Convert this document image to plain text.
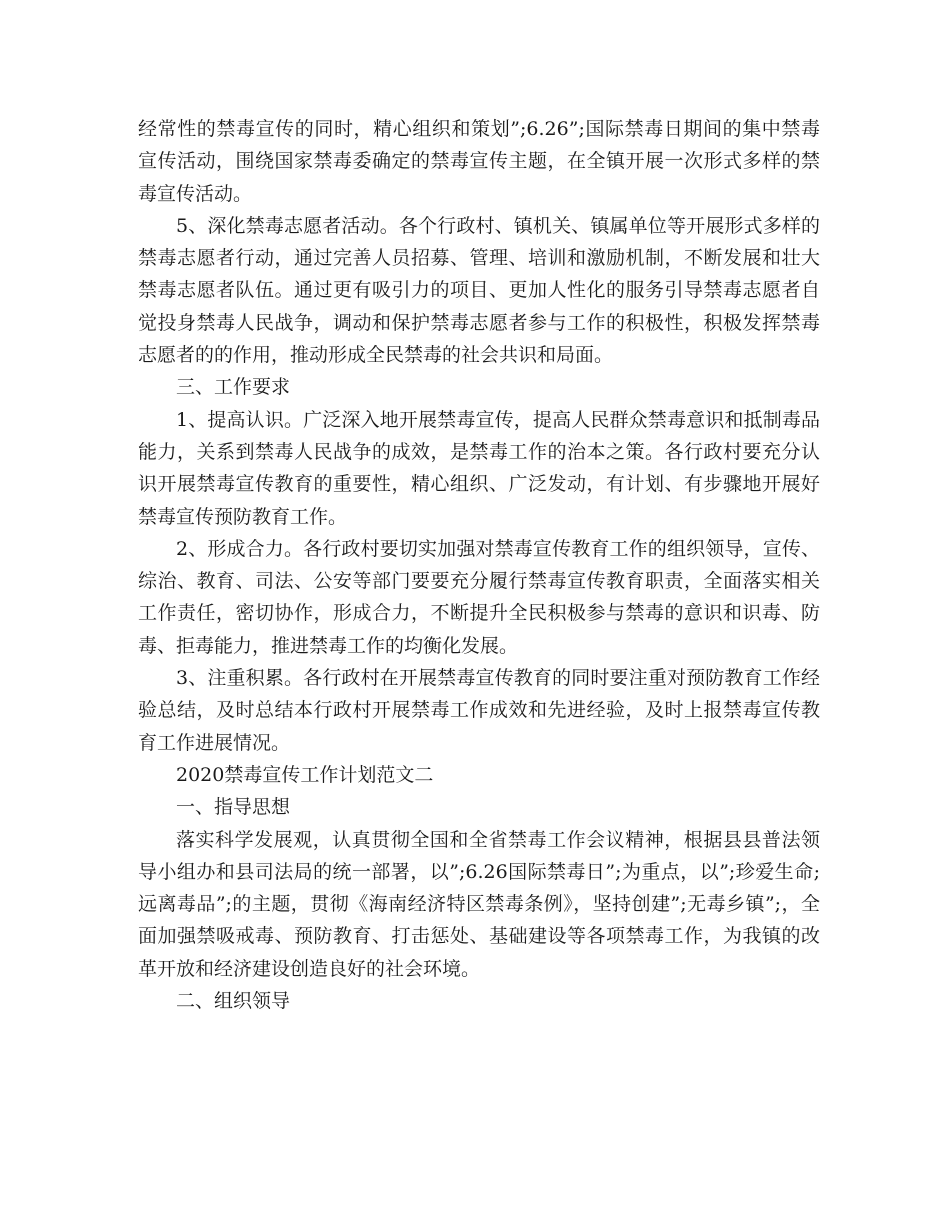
经常性的禁毒宣传的同时，精心组织和策划”;6.26”;国际禁毒日期间的集中禁毒宣传活动，围绕国家禁毒委确定的禁毒宣传主题，在全镇开展一次形式多样的禁毒宣传活动。

5、深化禁毒志愿者活动。各个行政村、镇机关、镇属单位等开展形式多样的禁毒志愿者行动，通过完善人员招募、管理、培训和激励机制，不断发展和壮大禁毒志愿者队伍。通过更有吸引力的项目、更加人性化的服务引导禁毒志愿者自觉投身禁毒人民战争，调动和保护禁毒志愿者参与工作的积极性，积极发挥禁毒志愿者的的作用，推动形成全民禁毒的社会共识和局面。

三、工作要求

1、提高认识。广泛深入地开展禁毒宣传，提高人民群众禁毒意识和抵制毒品能力，关系到禁毒人民战争的成效，是禁毒工作的治本之策。各行政村要充分认识开展禁毒宣传教育的重要性，精心组织、广泛发动，有计划、有步骤地开展好禁毒宣传预防教育工作。

2、形成合力。各行政村要切实加强对禁毒宣传教育工作的组织领导，宣传、综治、教育、司法、公安等部门要要充分履行禁毒宣传教育职责，全面落实相关工作责任，密切协作，形成合力，不断提升全民积极参与禁毒的意识和识毒、防毒、拒毒能力，推进禁毒工作的均衡化发展。

3、注重积累。各行政村在开展禁毒宣传教育的同时要注重对预防教育工作经验总结，及时总结本行政村开展禁毒工作成效和先进经验，及时上报禁毒宣传教育工作进展情况。

2020禁毒宣传工作计划范文二

一、指导思想

落实科学发展观，认真贯彻全国和全省禁毒工作会议精神，根据县县普法领导小组办和县司法局的统一部署，以”;6.26国际禁毒日”;为重点，以”;珍爱生命;远离毒品”;的主题，贯彻《海南经济特区禁毒条例》，坚持创建”;无毒乡镇”;，全面加强禁吸戒毒、预防教育、打击惩处、基础建设等各项禁毒工作，为我镇的改革开放和经济建设创造良好的社会环境。

二、组织领导
